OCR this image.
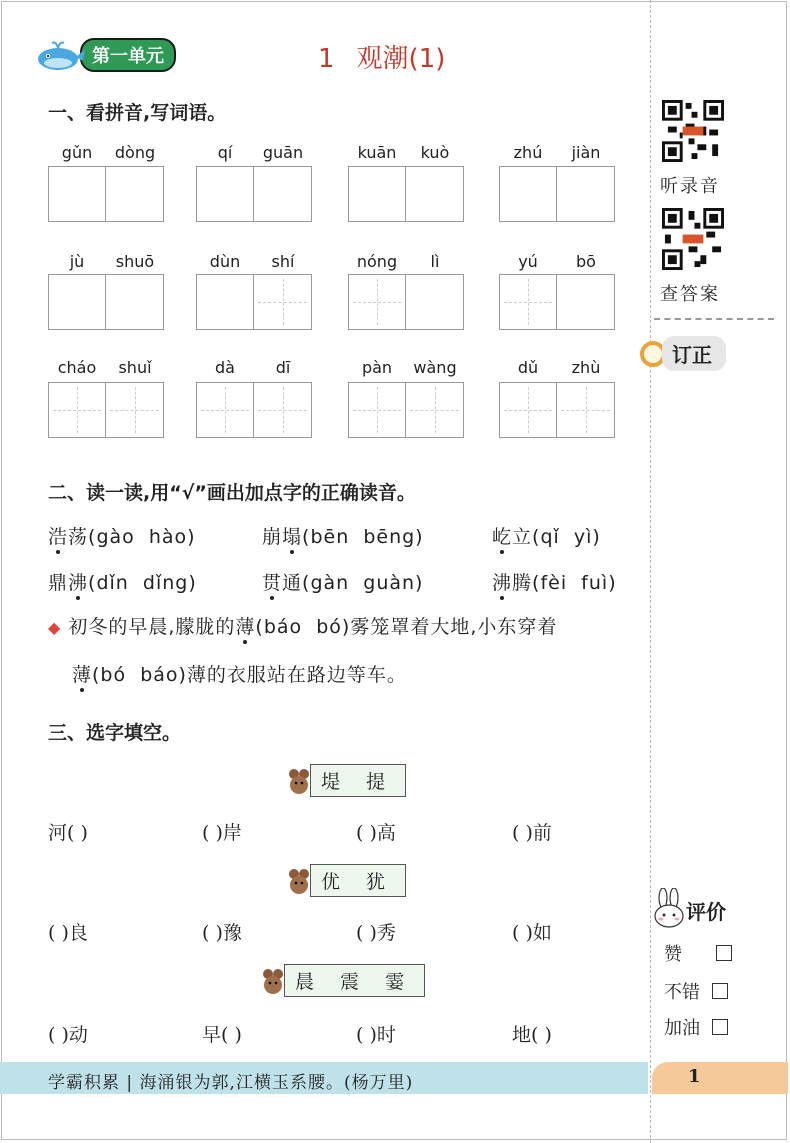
第一单元	1 观潮(1)
听录音
查答案
订正
评价
赞
不错
加油
1
一、看拼音,写词语。
gǔn	dòng	qí	guān	kuān	kuò	zhú	jiàn
jù	shuō	dùn	shí	nóng	lì	yú	bō
cháo	shuǐ	dà	dī	pàn	wàng	dǔ	zhù
二、读一读,用“√”画出加点字的正确读音。
浩荡(gào  hào)	崩塌(bēn  bēng)	屹立(qǐ  yì)
鼎沸(dǐn  dǐng)	贯通(gàn  guàn)	沸腾(fèi  fuì)
◆ 初冬的早晨,朦胧的薄(báo  bó)雾笼罩着大地,小东穿着
薄(bó  báo)薄的衣服站在路边等车。
三、选字填空。
堤 提
河( )	( )岸	( )高	( )前
优 犹
( )良	( )豫	( )秀	( )如
晨 震 霎
( )动	早( )	( )时	地( )
学霸积累 | 海涌银为郭,江横玉系腰。(杨万里)
